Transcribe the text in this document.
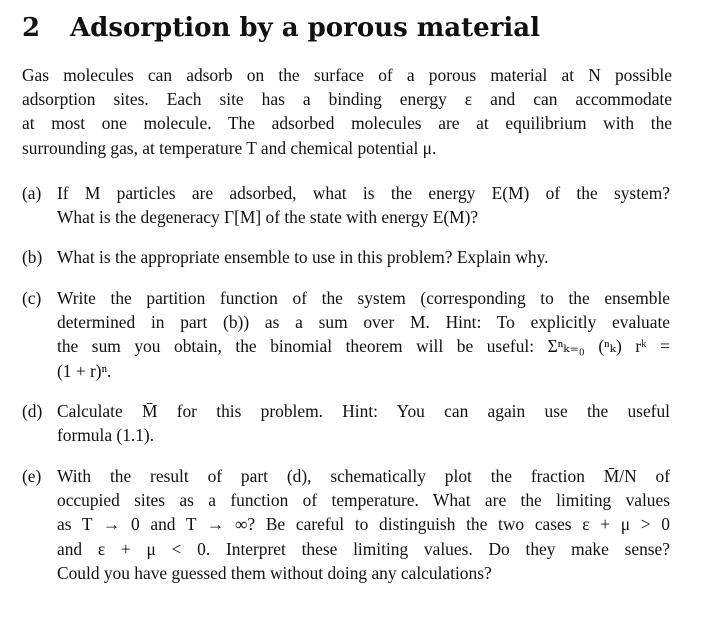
2 Adsorption by a porous material
Gas molecules can adsorb on the surface of a porous material at N possible
adsorption sites. Each site has a binding energy ε and can accommodate
at most one molecule. The adsorbed molecules are at equilibrium with the
surrounding gas, at temperature T and chemical potential μ.
(a) If M particles are adsorbed, what is the energy E(M) of the system?
What is the degeneracy Γ[M] of the state with energy E(M)?
(b) What is the appropriate ensemble to use in this problem? Explain why.
(c) Write the partition function of the system (corresponding to the ensemble
determined in part (b)) as a sum over M. Hint: To explicitly evaluate
the sum you obtain, the binomial theorem will be useful: Σⁿₖ₌₀ (ⁿₖ) rᵏ =
(1 + r)ⁿ.
(d) Calculate M̄ for this problem. Hint: You can again use the useful
formula (1.1).
(e) With the result of part (d), schematically plot the fraction M̄/N of
occupied sites as a function of temperature. What are the limiting values
as T → 0 and T → ∞? Be careful to distinguish the two cases ε + μ > 0
and ε + μ < 0. Interpret these limiting values. Do they make sense?
Could you have guessed them without doing any calculations?
